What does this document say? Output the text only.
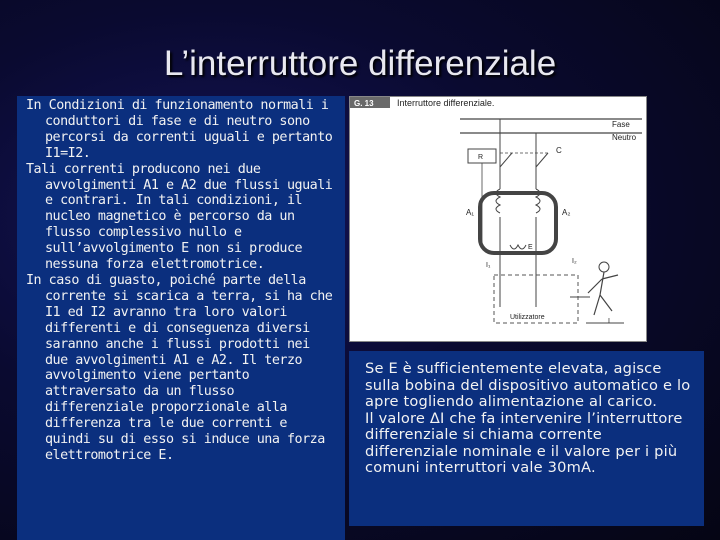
L’interruttore differenziale

In Condizioni di funzionamento normali i conduttori di fase e di neutro sono percorsi da correnti uguali e pertanto I1=I2.

Tali correnti producono nei due avvolgimenti A1 e A2 due flussi uguali e contrari. In tali condizioni, il nucleo magnetico è percorso da un flusso complessivo nullo e sull’avvolgimento E non si produce nessuna forza elettromotrice.

In caso di guasto, poiché parte della corrente si scarica a terra, si ha che I1 ed I2 avranno tra loro valori differenti e di conseguenza diversi saranno anche i flussi prodotti nei due avvolgimenti A1 e A2. Il terzo avvolgimento viene pertanto attraversato da un flusso differenziale proporzionale alla differenza tra le due correnti e quindi su di esso si induce una forza elettromotrice E.

G. 13	Interruttore differenziale.
Fase
Neutro
C
R
A₁	A₂
E
I₁
I₂
Utilizzatore
I

Se E è sufficientemente elevata, agisce sulla bobina del dispositivo automatico e lo apre togliendo alimentazione al carico.

Il valore ΔI che fa intervenire l’interruttore differenziale si chiama corrente differenziale nominale e il valore per i più comuni interruttori vale 30mA.
